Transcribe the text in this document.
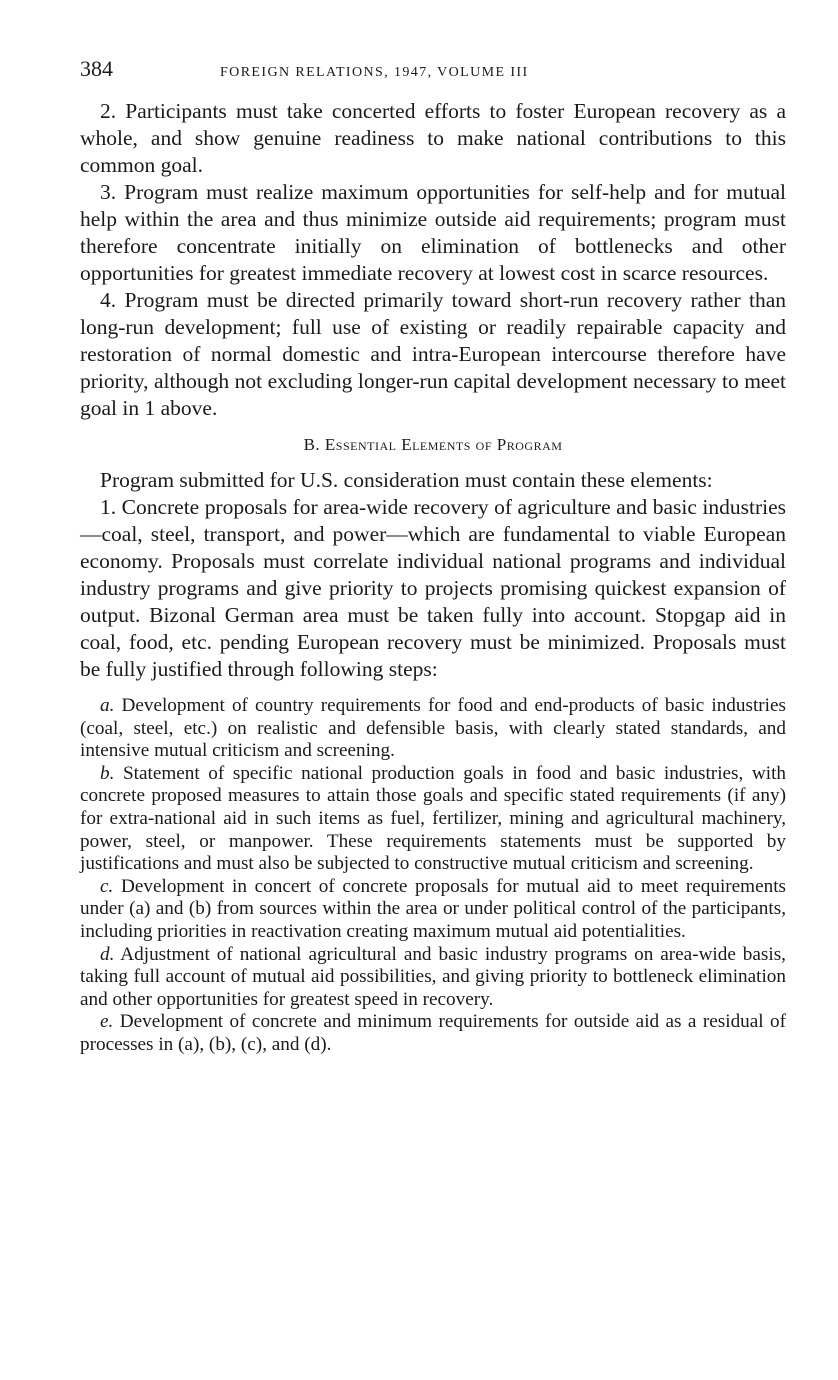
384	FOREIGN RELATIONS, 1947, VOLUME III

2. Participants must take concerted efforts to foster European recovery as a whole, and show genuine readiness to make national contributions to this common goal.

3. Program must realize maximum opportunities for self-help and for mutual help within the area and thus minimize outside aid requirements; program must therefore concentrate initially on elimination of bottlenecks and other opportunities for greatest immediate recovery at lowest cost in scarce resources.

4. Program must be directed primarily toward short-run recovery rather than long-run development; full use of existing or readily repairable capacity and restoration of normal domestic and intra-European intercourse therefore have priority, although not excluding longer-run capital development necessary to meet goal in 1 above.

B. Essential Elements of Program

Program submitted for U.S. consideration must contain these elements:

1. Concrete proposals for area-wide recovery of agriculture and basic industries—coal, steel, transport, and power—which are fundamental to viable European economy. Proposals must correlate individual national programs and individual industry programs and give priority to projects promising quickest expansion of output. Bizonal German area must be taken fully into account. Stopgap aid in coal, food, etc. pending European recovery must be minimized. Proposals must be fully justified through following steps:

a. Development of country requirements for food and end-products of basic industries (coal, steel, etc.) on realistic and defensible basis, with clearly stated standards, and intensive mutual criticism and screening.

b. Statement of specific national production goals in food and basic industries, with concrete proposed measures to attain those goals and specific stated requirements (if any) for extra-national aid in such items as fuel, fertilizer, mining and agricultural machinery, power, steel, or manpower. These requirements statements must be supported by justifications and must also be subjected to constructive mutual criticism and screening.

c. Development in concert of concrete proposals for mutual aid to meet requirements under (a) and (b) from sources within the area or under political control of the participants, including priorities in reactivation creating maximum mutual aid potentialities.

d. Adjustment of national agricultural and basic industry programs on area-wide basis, taking full account of mutual aid possibilities, and giving priority to bottleneck elimination and other opportunities for greatest speed in recovery.

e. Development of concrete and minimum requirements for outside aid as a residual of processes in (a), (b), (c), and (d).
